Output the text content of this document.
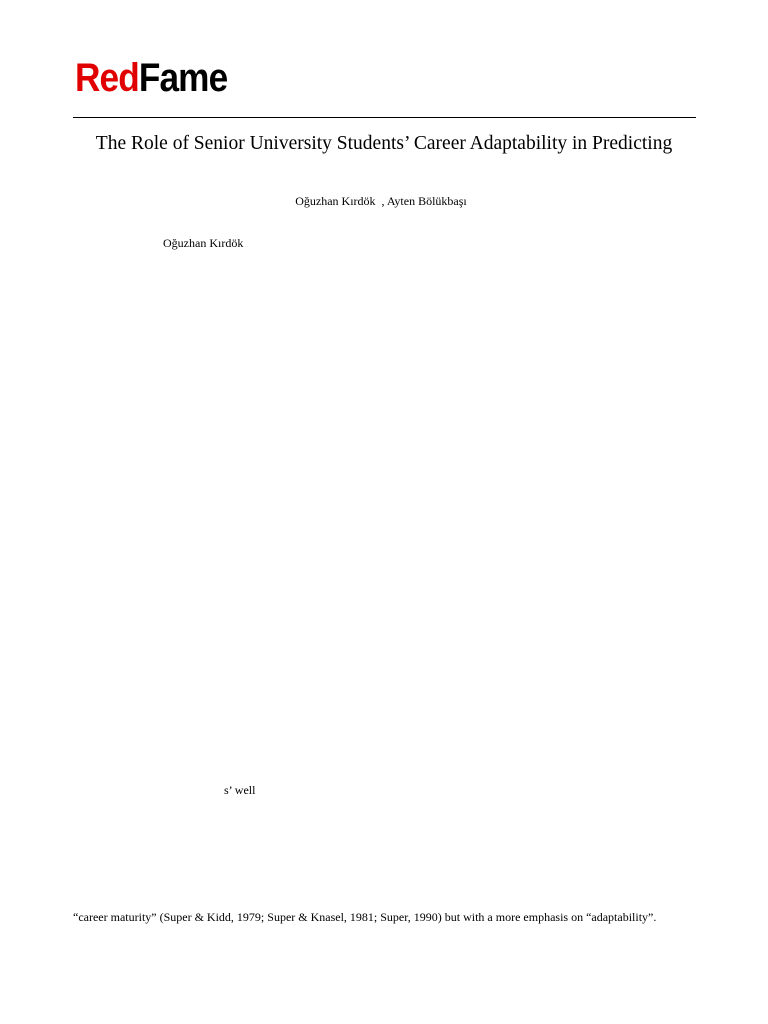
RedFame
The Role of Senior University Students’ Career Adaptability in Predicting
Oğuzhan Kırdök  , Ayten Bölükbaşı
Oğuzhan Kırdök
s’ well
“career maturity” (Super & Kidd, 1979; Super & Knasel, 1981; Super, 1990) but with a more emphasis on “adaptability”.
